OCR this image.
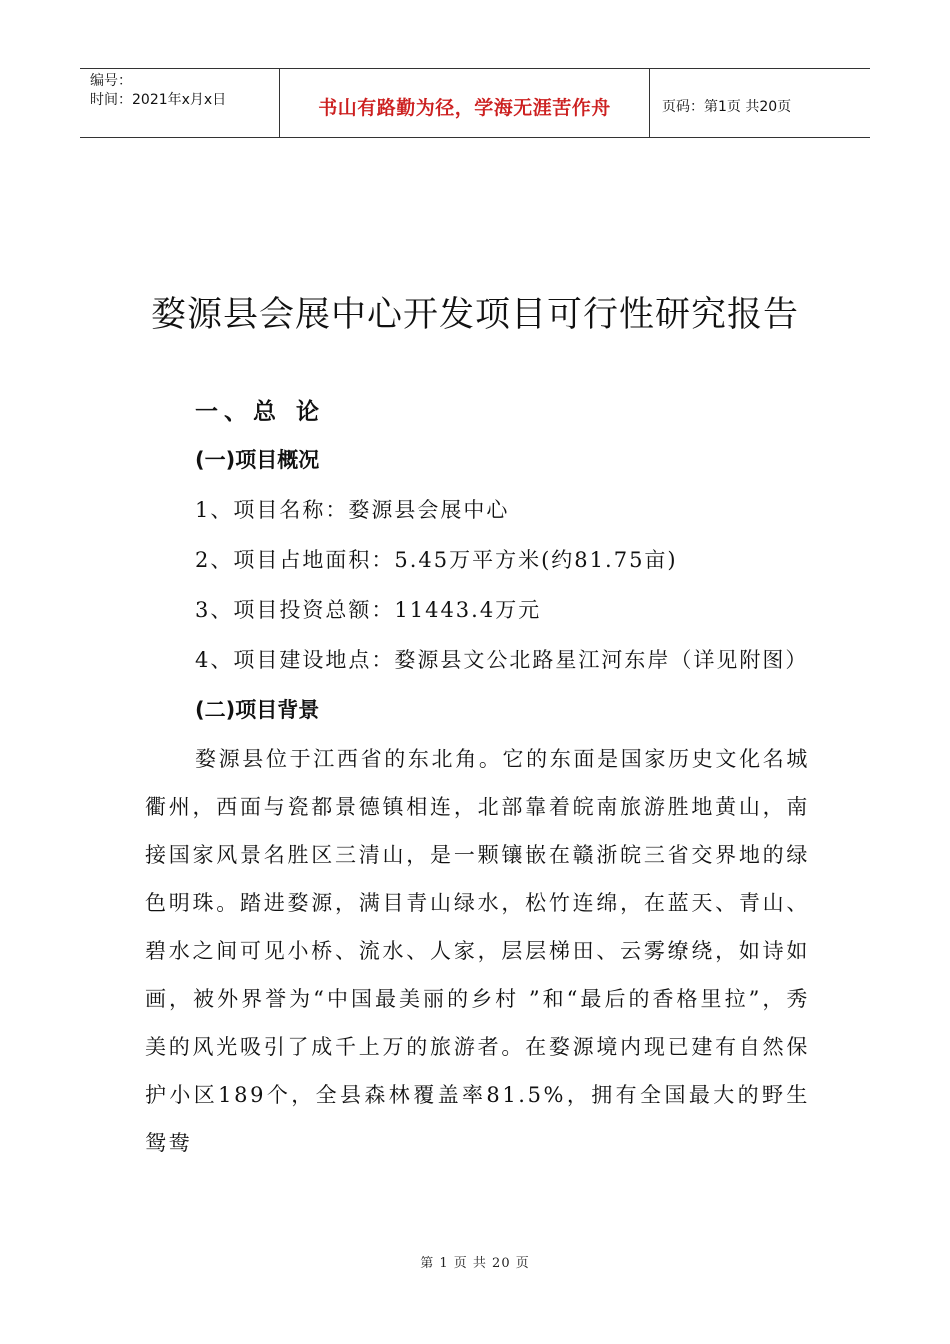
编号：
时间：2021年x月x日	书山有路勤为径，学海无涯苦作舟	页码：第1页 共20页
婺源县会展中心开发项目可行性研究报告
一、总 论
(一)项目概况
1、项目名称：婺源县会展中心
2、项目占地面积：5.45万平方米(约81.75亩)
3、项目投资总额：11443.4万元
4、项目建设地点：婺源县文公北路星江河东岸（详见附图）
(二)项目背景
婺源县位于江西省的东北角。它的东面是国家历史文化名城衢州，西面与瓷都景德镇相连，北部靠着皖南旅游胜地黄山，南接国家风景名胜区三清山，是一颗镶嵌在赣浙皖三省交界地的绿色明珠。踏进婺源，满目青山绿水，松竹连绵，在蓝天、青山、碧水之间可见小桥、流水、人家，层层梯田、云雾缭绕，如诗如画，被外界誉为“中国最美丽的乡村 ”和“最后的香格里拉”，秀美的风光吸引了成千上万的旅游者。在婺源境内现已建有自然保护小区189个，全县森林覆盖率81.5%，拥有全国最大的野生鸳鸯
第 1 页 共 20 页
